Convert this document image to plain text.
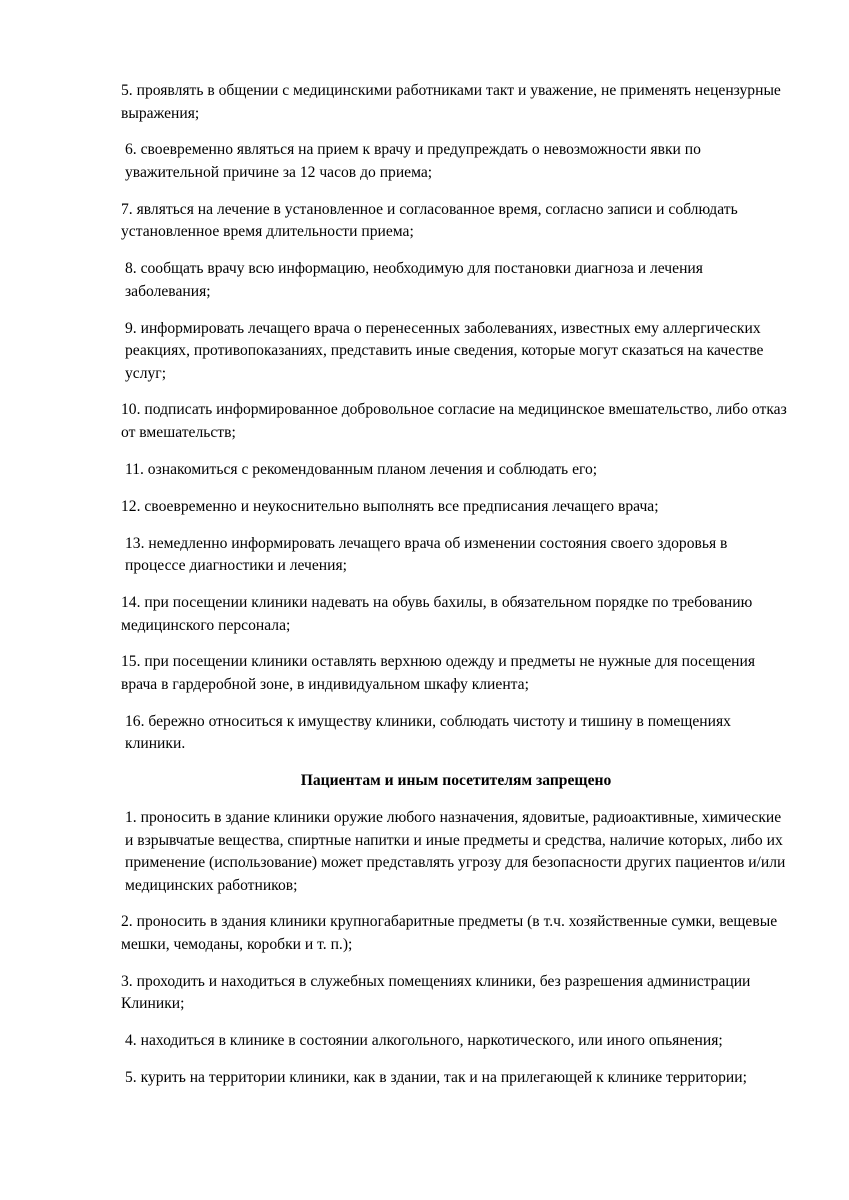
5. проявлять в общении с медицинскими работниками такт и уважение, не применять нецензурные выражения;

6. своевременно являться на прием к врачу и предупреждать о невозможности явки по уважительной причине за 12 часов до приема;

7. являться на лечение в установленное и согласованное время, согласно записи и соблюдать установленное время длительности приема;

8. сообщать врачу всю информацию, необходимую для постановки диагноза и лечения заболевания;

9. информировать лечащего врача о перенесенных заболеваниях, известных ему аллергических реакциях, противопоказаниях, представить иные сведения, которые могут сказаться на качестве услуг;

10. подписать информированное добровольное согласие на медицинское вмешательство, либо отказ от вмешательств;

11. ознакомиться с рекомендованным планом лечения и соблюдать его;

12. своевременно и неукоснительно выполнять все предписания лечащего врача;

13. немедленно информировать лечащего врача об изменении состояния своего здоровья в процессе диагностики и лечения;

14. при посещении клиники надевать на обувь бахилы, в обязательном порядке по требованию медицинского персонала;

15. при посещении клиники оставлять верхнюю одежду и предметы не нужные для посещения врача в гардеробной зоне, в индивидуальном шкафу клиента;

16. бережно относиться к имуществу клиники, соблюдать чистоту и тишину в помещениях клиники.

Пациентам и иным посетителям запрещено

1. проносить в здание клиники оружие любого назначения, ядовитые, радиоактивные, химические и взрывчатые вещества, спиртные напитки и иные предметы и средства, наличие которых, либо их применение (использование) может представлять угрозу для безопасности других пациентов и/или медицинских работников;

2. проносить в здания клиники крупногабаритные предметы (в т.ч. хозяйственные сумки, вещевые мешки, чемоданы, коробки и т. п.);

3. проходить и находиться в служебных помещениях клиники, без разрешения администрации Клиники;

4. находиться в клинике в состоянии алкогольного, наркотического, или иного опьянения;

5. курить на территории клиники, как в здании, так и на прилегающей к клинике территории;
